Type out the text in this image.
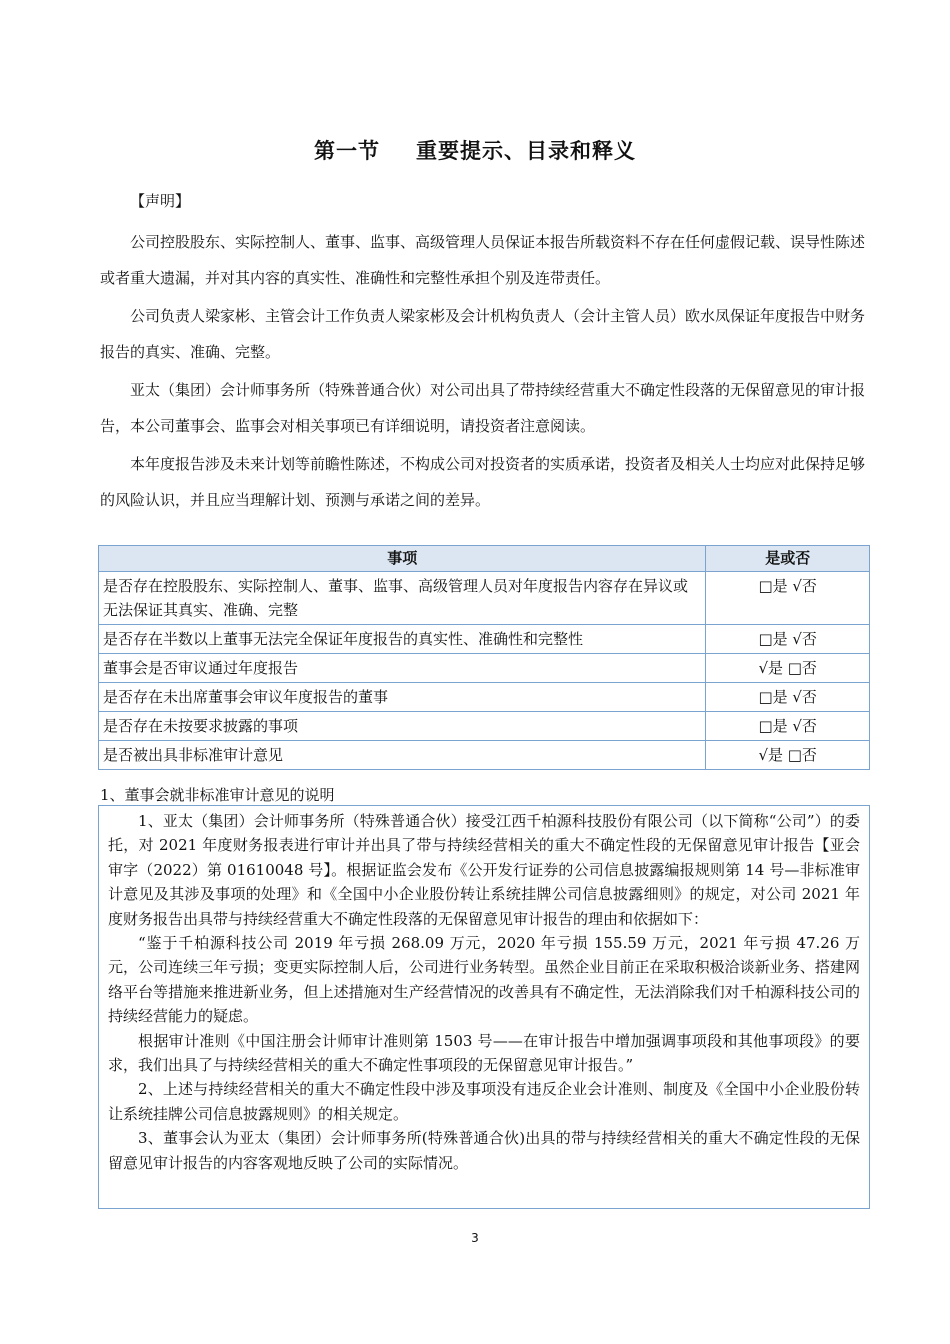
第一节 重要提示、目录和释义
【声明】

公司控股股东、实际控制人、董事、监事、高级管理人员保证本报告所载资料不存在任何虚假记载、误导性陈述或者重大遗漏，并对其内容的真实性、准确性和完整性承担个别及连带责任。

公司负责人梁家彬、主管会计工作负责人梁家彬及会计机构负责人（会计主管人员）欧水凤保证年度报告中财务报告的真实、准确、完整。

亚太（集团）会计师事务所（特殊普通合伙）对公司出具了带持续经营重大不确定性段落的无保留意见的审计报告，本公司董事会、监事会对相关事项已有详细说明，请投资者注意阅读。

本年度报告涉及未来计划等前瞻性陈述，不构成公司对投资者的实质承诺，投资者及相关人士均应对此保持足够的风险认识，并且应当理解计划、预测与承诺之间的差异。

事项	是或否
是否存在控股股东、实际控制人、董事、监事、高级管理人员对年度报告内容存在异议或无法保证其真实、准确、完整	□是 √否
是否存在半数以上董事无法完全保证年度报告的真实性、准确性和完整性	□是 √否
董事会是否审议通过年度报告	√是 □否
是否存在未出席董事会审议年度报告的董事	□是 √否
是否存在未按要求披露的事项	□是 √否
是否被出具非标准审计意见	√是 □否
1、董事会就非标准审计意见的说明

1、亚太（集团）会计师事务所（特殊普通合伙）接受江西千柏源科技股份有限公司（以下简称“公司”）的委托，对 2021 年度财务报表进行审计并出具了带与持续经营相关的重大不确定性段的无保留意见审计报告【亚会审字（2022）第 01610048 号】。根据证监会发布《公开发行证券的公司信息披露编报规则第 14 号—非标准审计意见及其涉及事项的处理》和《全国中小企业股份转让系统挂牌公司信息披露细则》的规定，对公司 2021 年度财务报告出具带与持续经营重大不确定性段落的无保留意见审计报告的理由和依据如下：

“鉴于千柏源科技公司 2019 年亏损 268.09 万元，2020 年亏损 155.59 万元，2021 年亏损 47.26 万元，公司连续三年亏损；变更实际控制人后，公司进行业务转型。虽然企业目前正在采取积极洽谈新业务、搭建网络平台等措施来推进新业务，但上述措施对生产经营情况的改善具有不确定性，无法消除我们对千柏源科技公司的持续经营能力的疑虑。

根据审计准则《中国注册会计师审计准则第 1503 号——在审计报告中增加强调事项段和其他事项段》的要求，我们出具了与持续经营相关的重大不确定性事项段的无保留意见审计报告。”

2、上述与持续经营相关的重大不确定性段中涉及事项没有违反企业会计准则、制度及《全国中小企业股份转让系统挂牌公司信息披露规则》的相关规定。

3、董事会认为亚太（集团）会计师事务所(特殊普通合伙)出具的带与持续经营相关的重大不确定性段的无保留意见审计报告的内容客观地反映了公司的实际情况。

3
